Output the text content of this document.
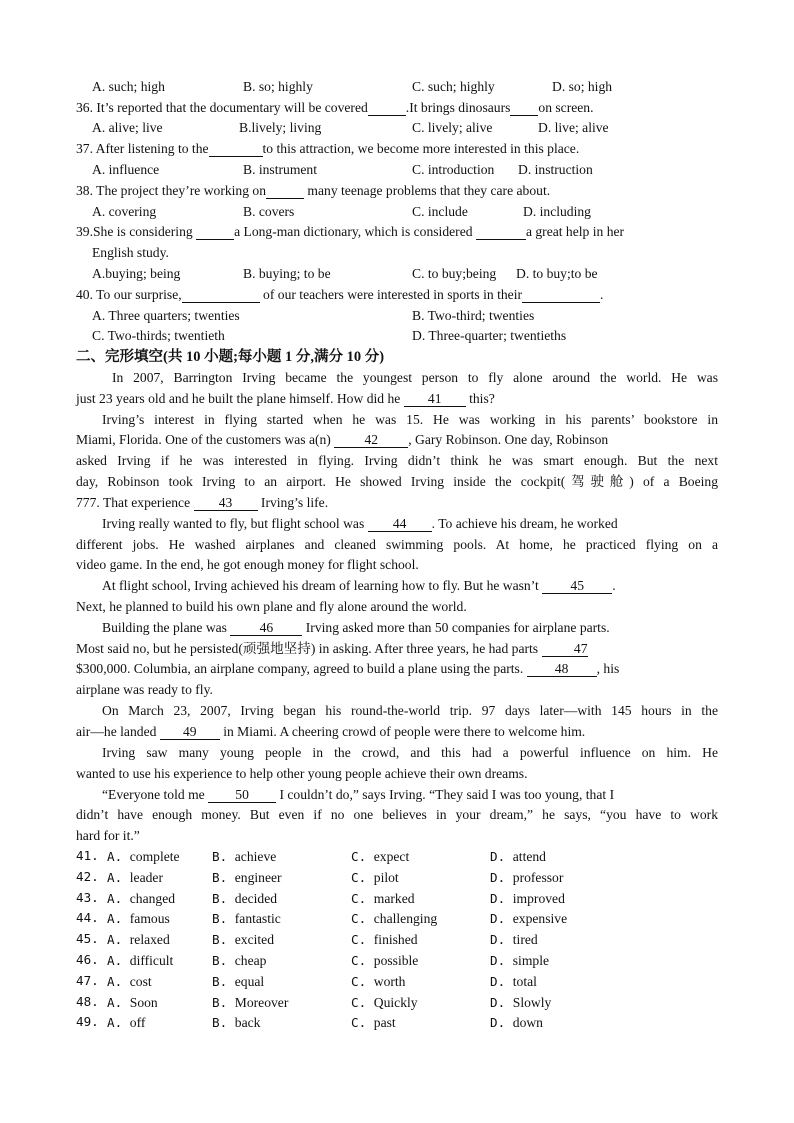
A. such; high	B. so; highly	C. such; highly	D. so; high
36. It’s reported that the documentary will be covered	.It brings dinosaurs on screen.
A. alive; live	B.lively; living	C. lively; alive	D. live; alive
37. After listening to the	to this attraction, we become more interested in this place.
A. influence	B. instrument	C. introduction D. instruction
38. The project they’re working on	many teenage problems that they care about.
A. covering	B. covers	C. include	D. including
39.She is considering	a Long-man dictionary, which is considered	a great help in her
English study.
A.buying; being	B. buying; to be	C. to buy;being D. to buy;to be
40. To our surprise,	of our teachers were interested in sports in their	.
A. Three quarters; twenties	B. Two-third; twenties
C. Two-thirds; twentieth	D. Three-quarter; twentieths
二、完形填空(共 10 小题;每小题 1 分,满分 10 分)
In 2007, Barrington Irving became the youngest person to fly alone around the world. He was
just 23 years old and he built the plane himself. How did he 41 this?
Irving’s interest in flying started when he was 15. He was working in his parents’ bookstore in
Miami, Florida. One of the customers was a(n) 42 , Gary Robinson. One day, Robinson
asked Irving if he was interested in flying. Irving didn’t think he was smart enough. But the next
day, Robinson took Irving to an airport. He showed Irving inside the cockpit(驾驶舱) of a Boeing
777. That experience 43 Irving’s life.
Irving really wanted to fly, but flight school was 44 . To achieve his dream, he worked
different jobs. He washed airplanes and cleaned swimming pools. At home, he practiced flying on a
video game. In the end, he got enough money for flight school.
At flight school, Irving achieved his dream of learning how to fly. But he wasn’t 45 .
Next, he planned to build his own plane and fly alone around the world.
Building the plane was 46 Irving asked more than 50 companies for airplane parts.
Most said no, but he persisted(顽强地坚持) in asking. After three years, he had parts 47
$300,000. Columbia, an airplane company, agreed to build a plane using the parts. 48 , his
airplane was ready to fly.
On March 23, 2007, Irving began his round-the-world trip. 97 days later—with 145 hours in the
air—he landed 49 in Miami. A cheering crowd of people were there to welcome him.
Irving saw many young people in the crowd, and this had a powerful influence on him. He
wanted to use his experience to help other young people achieve their own dreams.
“Everyone told me 50 I couldn’t do,” says Irving. “They said I was too young, that I
didn’t have enough money. But even if no one believes in your dream,” he says, “you have to work
hard for it.”
41. A. complete	B. achieve	C. expect	D. attend
42. A. leader	B. engineer	C. pilot	D. professor
43. A. changed	B. decided	C. marked	D. improved
44. A. famous	B. fantastic	C. challenging	D. expensive
45. A. relaxed	B. excited	C. finished	D. tired
46. A. difficult	B. cheap	C. possible	D. simple
47. A. cost	B. equal	C. worth	D. total
48. A. Soon	B. Moreover	C. Quickly	D. Slowly
49. A. off	B. back	C. past	D. down
